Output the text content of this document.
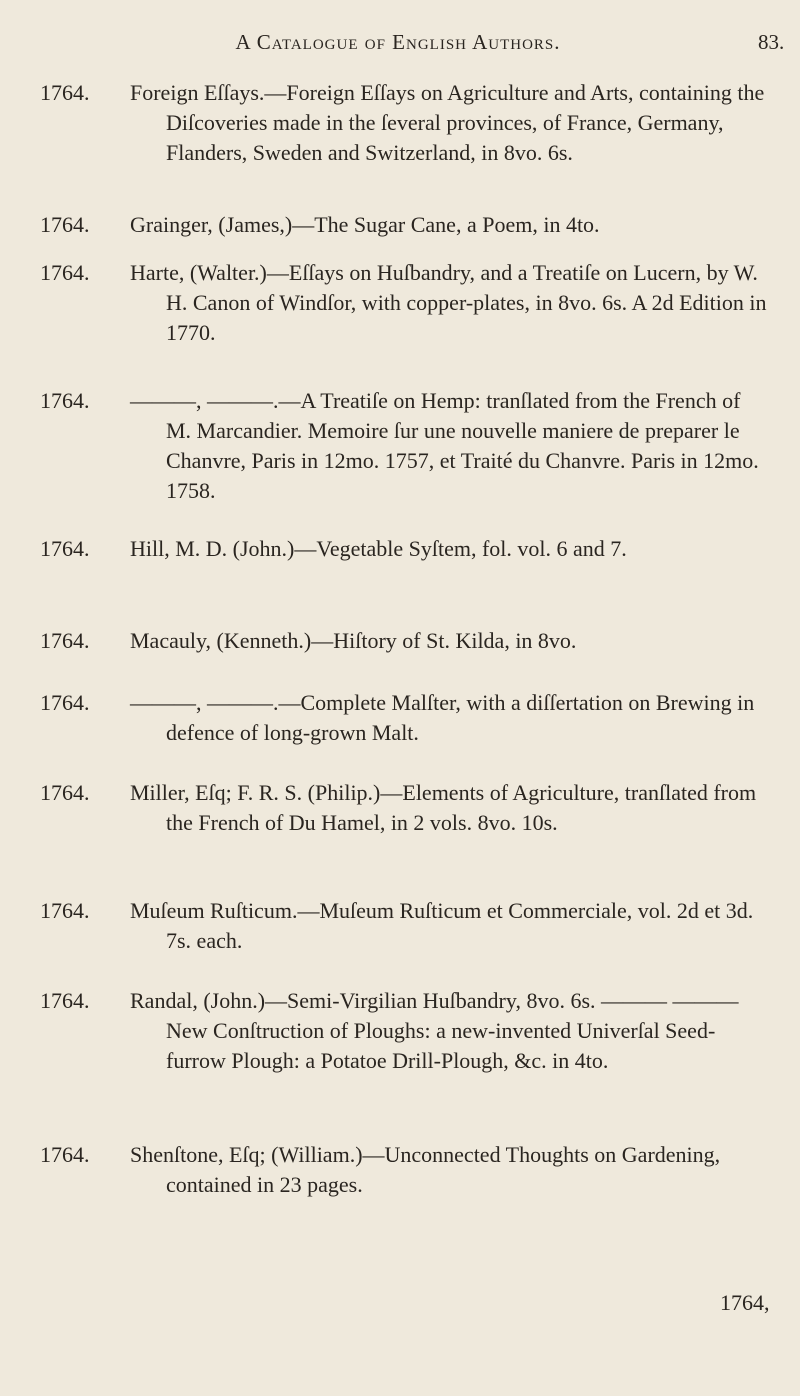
A Catalogue of English Authors.	83.
1764.	Foreign Eſſays.—Foreign Eſſays on Agriculture and Arts, containing the Diſcoveries made in the ſeveral provinces, of France, Germany, Flanders, Sweden and Switzerland, in 8vo. 6s.
1764.	Grainger, (James,)—The Sugar Cane, a Poem, in 4to.
1764.	Harte, (Walter.)—Eſſays on Huſbandry, and a Treatiſe on Lucern, by W. H. Canon of Windſor, with copper-plates, in 8vo. 6s. A 2d Edition in 1770.
1764.	———, ———.—A Treatiſe on Hemp: tranſlated from the French of M. Marcandier. Memoire ſur une nouvelle maniere de preparer le Chanvre, Paris in 12mo. 1757, et Traité du Chanvre. Paris in 12mo. 1758.
1764.	Hill, M. D. (John.)—Vegetable Syſtem, fol. vol. 6 and 7.
1764.	Macauly, (Kenneth.)—Hiſtory of St. Kilda, in 8vo.
1764.	———, ———.—Complete Malſter, with a diſſertation on Brewing in defence of long-grown Malt.
1764.	Miller, Eſq; F. R. S. (Philip.)—Elements of Agriculture, tranſlated from the French of Du Hamel, in 2 vols. 8vo. 10s.
1764.	Muſeum Ruſticum.—Muſeum Ruſticum et Commerciale, vol. 2d et 3d. 7s. each.
1764.	Randal, (John.)—Semi-Virgilian Huſbandry, 8vo. 6s. ——— ——— New Conſtruction of Ploughs: a new-invented Univerſal Seed-furrow Plough: a Potatoe Drill-Plough, &c. in 4to.
1764.	Shenſtone, Eſq; (William.)—Unconnected Thoughts on Gardening, contained in 23 pages.
1764,
